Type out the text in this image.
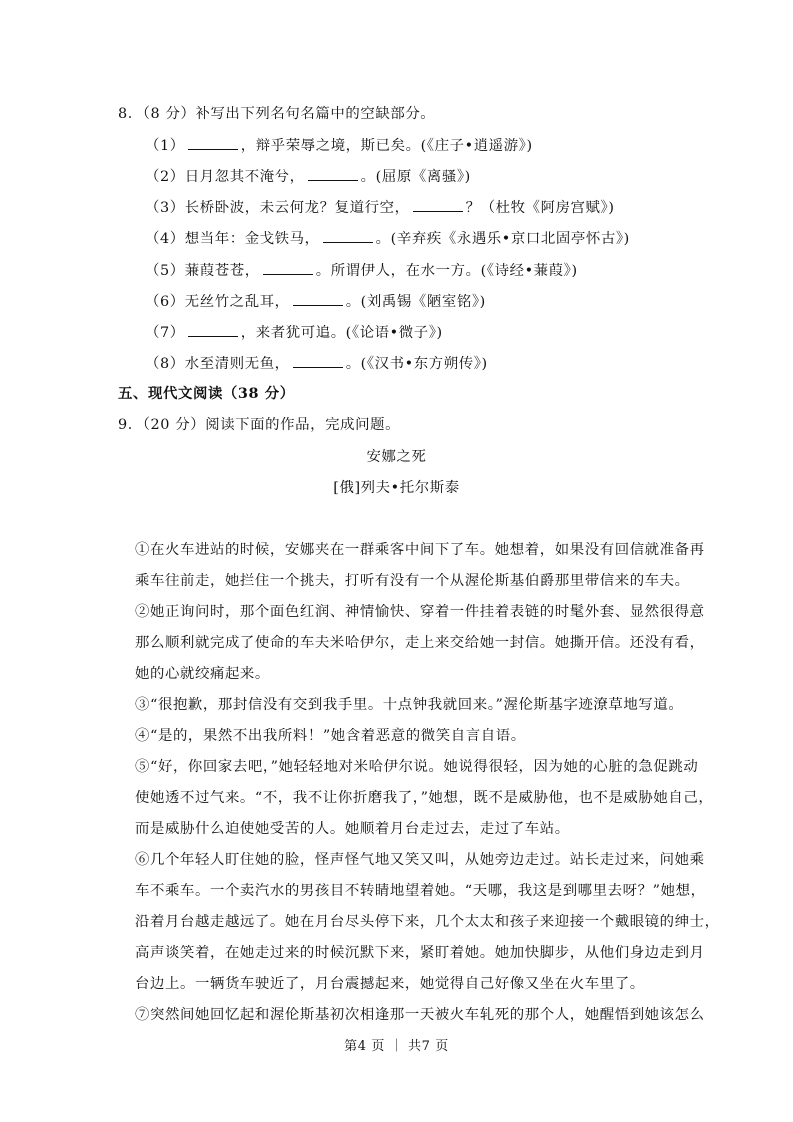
8．（8 分）补写出下列名句名篇中的空缺部分。
（1）	，辩乎荣辱之境，斯已矣。(《庄子•逍遥游》)
（2）日月忽其不淹兮，	。(屈原《离骚》)
（3）长桥卧波，未云何龙？复道行空，	？（杜牧《阿房宫赋》)
（4）想当年：金戈铁马，	。(辛弃疾《永遇乐•京口北固亭怀古》)
（5）蒹葭苍苍，	。所谓伊人，在水一方。(《诗经•蒹葭》)
（6）无丝竹之乱耳，	。(刘禹锡《陋室铭》)
（7）	，来者犹可追。(《论语•微子》)
（8）水至清则无鱼，	。(《汉书•东方朔传》)
五、现代文阅读（38 分）
9．（20 分）阅读下面的作品，完成问题。
安娜之死
[俄]列夫•托尔斯泰
①在火车进站的时候，安娜夹在一群乘客中间下了车。她想着，如果没有回信就准备再
乘车往前走，她拦住一个挑夫，打听有没有一个从渥伦斯基伯爵那里带信来的车夫。
②她正询问时，那个面色红润、神情愉快、穿着一件挂着表链的时髦外套、显然很得意
那么顺利就完成了使命的车夫米哈伊尔，走上来交给她一封信。她撕开信。还没有看，
她的心就绞痛起来。
③“很抱歉，那封信没有交到我手里。十点钟我就回来。”渥伦斯基字迹潦草地写道。
④“是的，果然不出我所料！”她含着恶意的微笑自言自语。
⑤“好，你回家去吧，”她轻轻地对米哈伊尔说。她说得很轻，因为她的心脏的急促跳动
使她透不过气来。“不，我不让你折磨我了，”她想，既不是威胁他，也不是威胁她自己，
而是威胁什么迫使她受苦的人。她顺着月台走过去，走过了车站。
⑥几个年轻人盯住她的脸，怪声怪气地又笑又叫，从她旁边走过。站长走过来，问她乘
车不乘车。一个卖汽水的男孩目不转睛地望着她。“天哪，我这是到哪里去呀？”她想，
沿着月台越走越远了。她在月台尽头停下来，几个太太和孩子来迎接一个戴眼镜的绅士，
高声谈笑着，在她走过来的时候沉默下来，紧盯着她。她加快脚步，从他们身边走到月
台边上。一辆货车驶近了，月台震撼起来，她觉得自己好像又坐在火车里了。
⑦突然间她回忆起和渥伦斯基初次相逢那一天被火车轧死的那个人，她醒悟到她该怎么
第4 页 ｜ 共7 页
